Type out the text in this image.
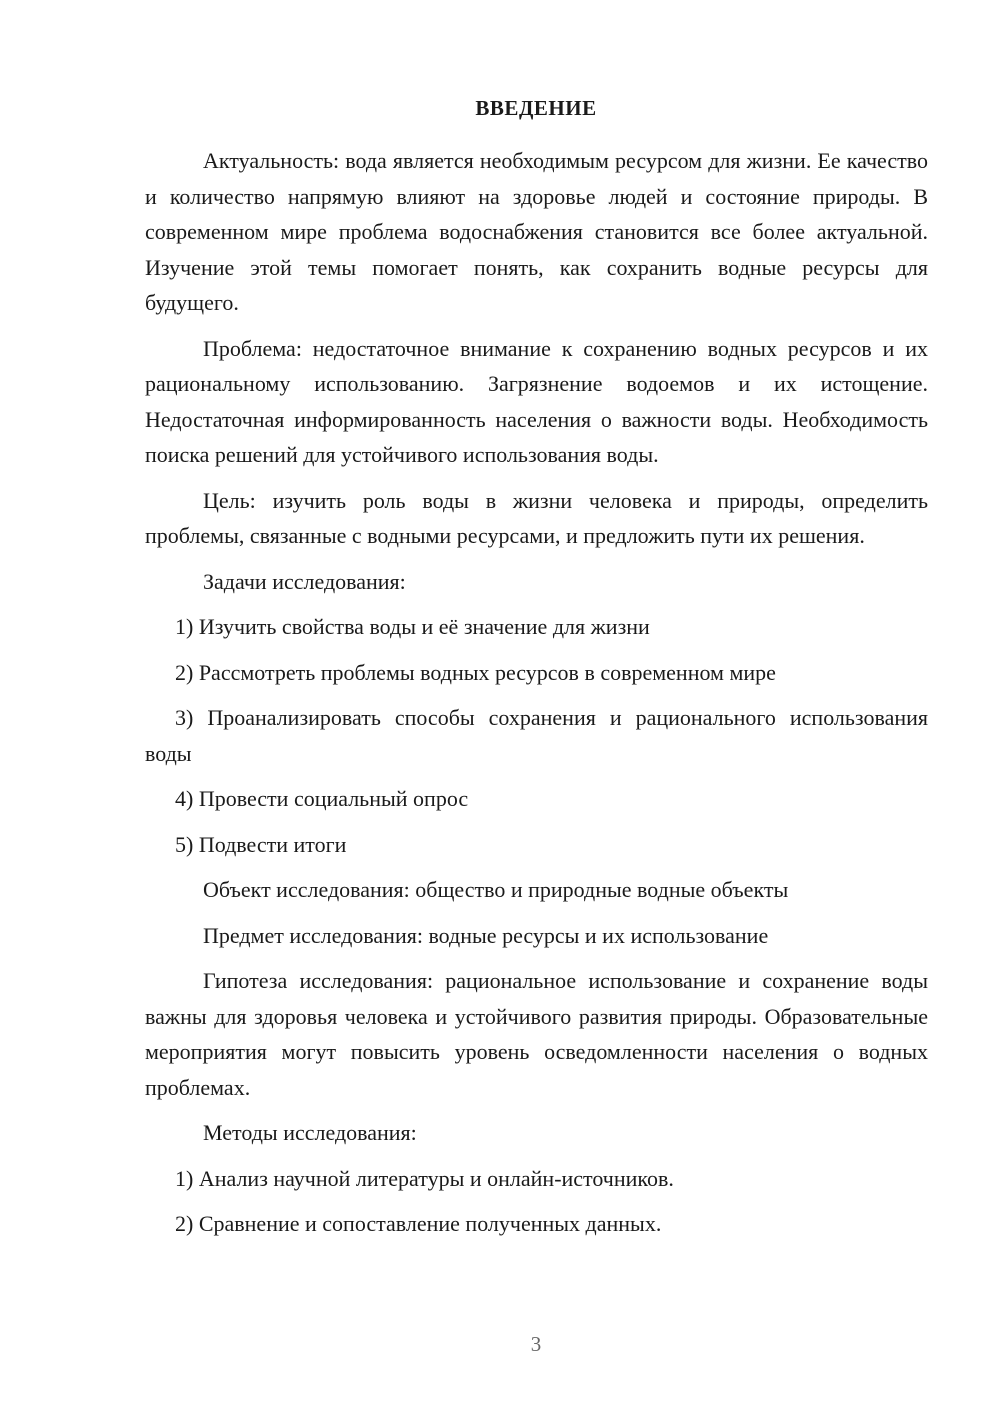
ВВЕДЕНИЕ

Актуальность: вода является необходимым ресурсом для жизни. Ее качество и количество напрямую влияют на здоровье людей и состояние природы. В современном мире проблема водоснабжения становится все более актуальной. Изучение этой темы помогает понять, как сохранить водные ресурсы для будущего.

Проблема: недостаточное внимание к сохранению водных ресурсов и их рациональному использованию. Загрязнение водоемов и их истощение. Недостаточная информированность населения о важности воды. Необходимость поиска решений для устойчивого использования воды.

Цель: изучить роль воды в жизни человека и природы, определить проблемы, связанные с водными ресурсами, и предложить пути их решения.

Задачи исследования:

1) Изучить свойства воды и её значение для жизни

2) Рассмотреть проблемы водных ресурсов в современном мире

3) Проанализировать способы сохранения и рационального использования воды

4) Провести социальный опрос

5) Подвести итоги

Объект исследования: общество и природные водные объекты

Предмет исследования: водные ресурсы и их использование

Гипотеза исследования: рациональное использование и сохранение воды важны для здоровья человека и устойчивого развития природы. Образовательные мероприятия могут повысить уровень осведомленности населения о водных проблемах.

Методы исследования:

1) Анализ научной литературы и онлайн-источников.

2) Сравнение и сопоставление полученных данных.

3
